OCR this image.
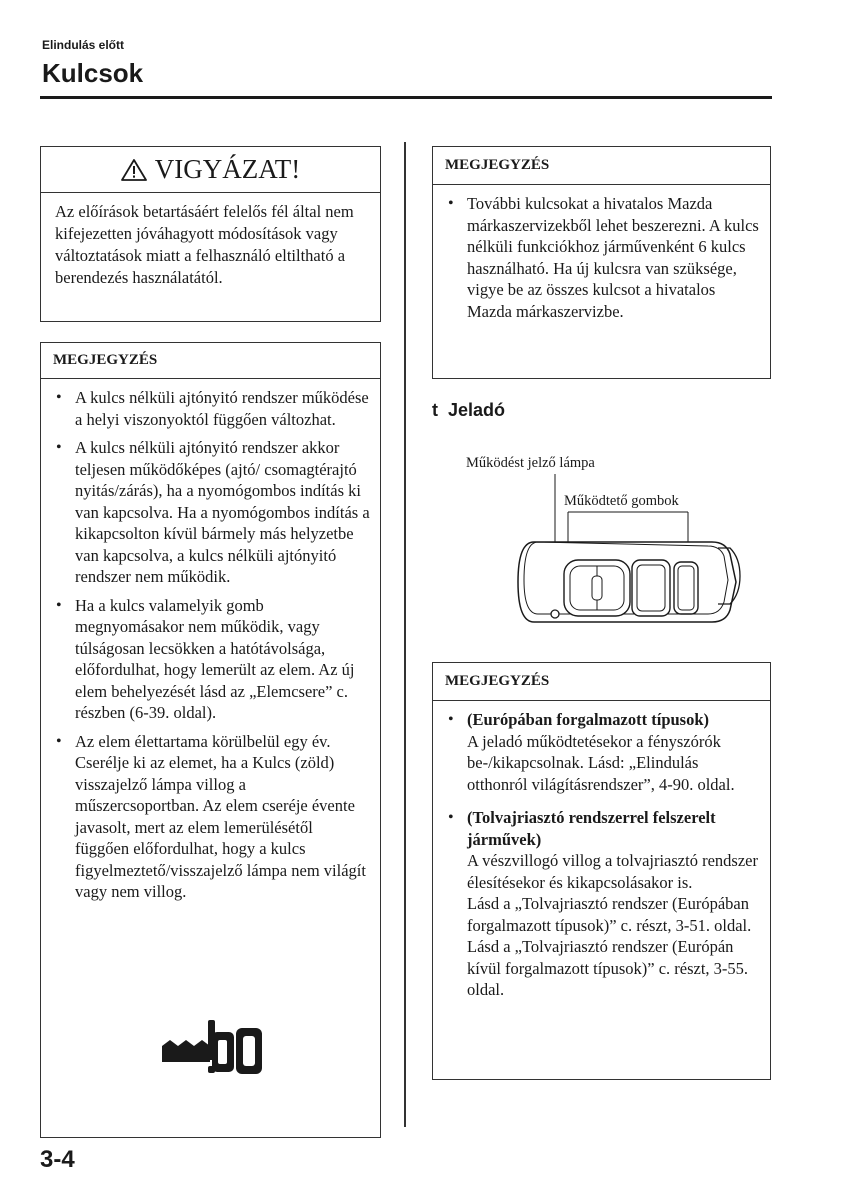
Elindulás előtt
Kulcsok
VIGYÁZAT!
Az előírások betartásáért felelős fél által nem kifejezetten jóváhagyott módosítások vagy változtatások miatt a felhasználó eltiltható a berendezés használatától.
MEGJEGYZÉS
• A kulcs nélküli ajtónyitó rendszer működése a helyi viszonyoktól függően változhat.
• A kulcs nélküli ajtónyitó rendszer akkor teljesen működőképes (ajtó/ csomagtérajtó nyitás/zárás), ha a nyomógombos indítás ki van kapcsolva. Ha a nyomógombos indítás a kikapcsolton kívül bármely más helyzetbe van kapcsolva, a kulcs nélküli ajtónyitó rendszer nem működik.
• Ha a kulcs valamelyik gomb megnyomásakor nem működik, vagy túlságosan lecsökken a hatótávolsága, előfordulhat, hogy lemerült az elem. Az új elem behelyezését lásd az „Elemcsere” c. részben (6-39. oldal).
• Az elem élettartama körülbelül egy év. Cserélje ki az elemet, ha a Kulcs (zöld) visszajelző lámpa villog a műszercsoportban. Az elem cseréje évente javasolt, mert az elem lemerülésétől függően előfordulhat, hogy a kulcs figyelmeztető/visszajelző lámpa nem világít vagy nem villog.
MEGJEGYZÉS
• További kulcsokat a hivatalos Mazda márkaszervizekből lehet beszerezni. A kulcs nélküli funkciókhoz járművenként 6 kulcs használható. Ha új kulcsra van szüksége, vigye be az összes kulcsot a hivatalos Mazda márkaszervizbe.
t Jeladó
Működést jelző lámpa
Működtető gombok
MEGJEGYZÉS
• (Európában forgalmazott típusok)
A jeladó működtetésekor a fényszórók be-/kikapcsolnak. Lásd: „Elindulás otthonról világításrendszer”, 4-90. oldal.
• (Tolvajriasztó rendszerrel felszerelt járművek)
A vészvillogó villog a tolvajriasztó rendszer élesítésekor és kikapcsolásakor is.
Lásd a „Tolvajriasztó rendszer (Európában forgalmazott típusok)” c. részt, 3-51. oldal. Lásd a „Tolvajriasztó rendszer (Európán kívül forgalmazott típusok)” c. részt, 3-55. oldal.
3-4
